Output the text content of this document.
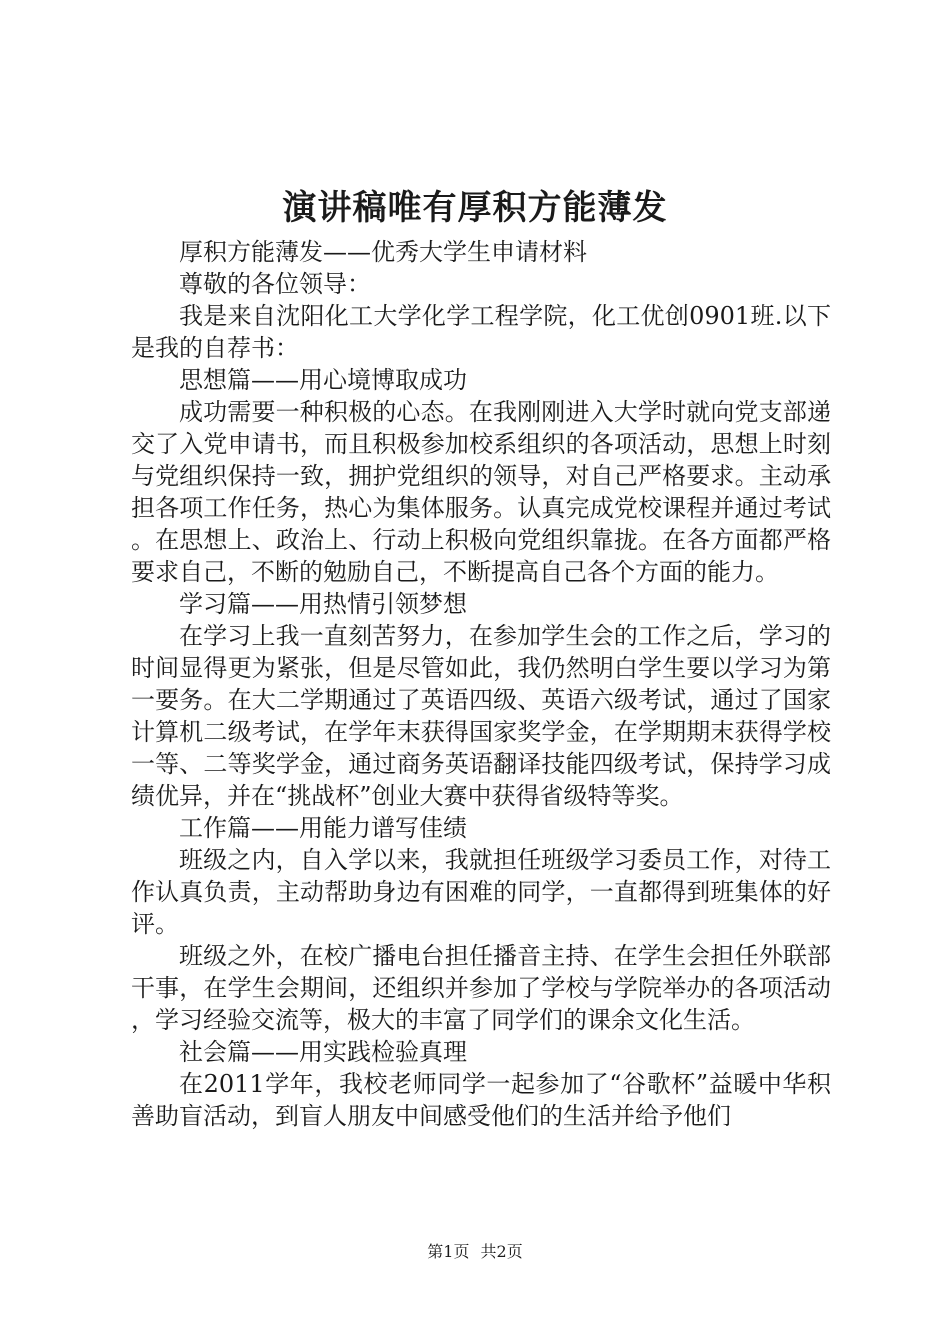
演讲稿唯有厚积方能薄发

厚积方能薄发——优秀大学生申请材料

尊敬的各位领导：

我是来自沈阳化工大学化学工程学院，化工优创0901班.以下是我的自荐书：

思想篇——用心境博取成功

成功需要一种积极的心态。在我刚刚进入大学时就向党支部递交了入党申请书，而且积极参加校系组织的各项活动，思想上时刻与党组织保持一致，拥护党组织的领导，对自己严格要求。主动承担各项工作任务，热心为集体服务。认真完成党校课程并通过考试。在思想上、政治上、行动上积极向党组织靠拢。在各方面都严格要求自己，不断的勉励自己，不断提高自己各个方面的能力。

学习篇——用热情引领梦想

在学习上我一直刻苦努力，在参加学生会的工作之后，学习的时间显得更为紧张，但是尽管如此，我仍然明白学生要以学习为第一要务。在大二学期通过了英语四级、英语六级考试，通过了国家计算机二级考试，在学年末获得国家奖学金，在学期期末获得学校一等、二等奖学金，通过商务英语翻译技能四级考试，保持学习成绩优异，并在“挑战杯”创业大赛中获得省级特等奖。

工作篇——用能力谱写佳绩

班级之内，自入学以来，我就担任班级学习委员工作，对待工作认真负责，主动帮助身边有困难的同学，一直都得到班集体的好评。

班级之外，在校广播电台担任播音主持、在学生会担任外联部干事，在学生会期间，还组织并参加了学校与学院举办的各项活动，学习经验交流等，极大的丰富了同学们的课余文化生活。

社会篇——用实践检验真理

在2011学年，我校老师同学一起参加了“谷歌杯”益暖中华积善助盲活动，到盲人朋友中间感受他们的生活并给予他们

第1页 共2页
